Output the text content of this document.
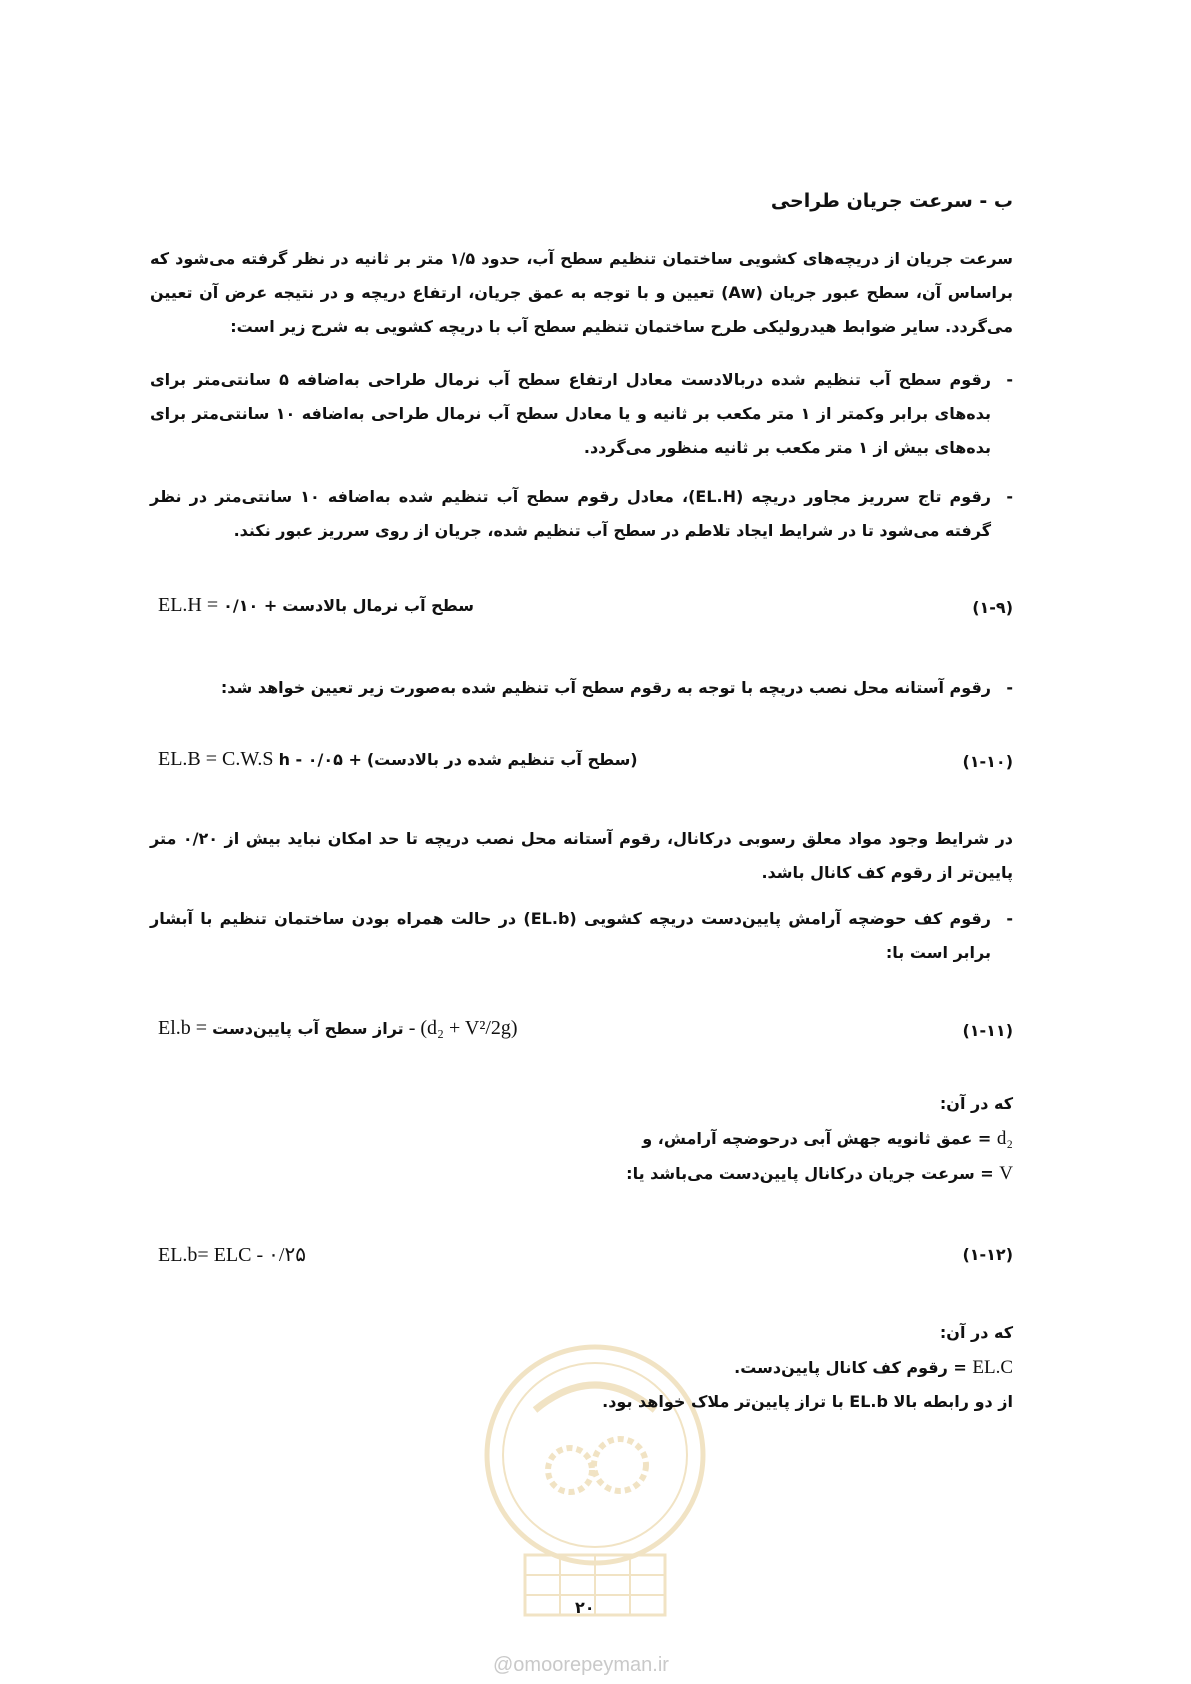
ب - سرعت جریان طراحی
سرعت جریان از دریچه‌های کشویی ساختمان تنظیم سطح آب، حدود ۱/۵ متر بر ثانیه در نظر گرفته می‌شود که براساس آن، سطح عبور جریان (Aw) تعیین و با توجه به عمق جریان، ارتفاع دریچه و در نتیجه عرض آن تعیین می‌گردد. سایر ضوابط هیدرولیکی طرح ساختمان تنظیم سطح آب با دریچه کشویی به شرح زیر است:
-
رقوم سطح آب تنظیم شده دربالادست معادل ارتفاع سطح آب نرمال طراحی به‌اضافه ۵ سانتی‌متر برای بده‌های برابر وکمتر از ۱ متر مکعب بر ثانیه و یا معادل سطح آب نرمال طراحی به‌اضافه ۱۰ سانتی‌متر برای بده‌های بیش از ۱ متر مکعب بر ثانیه منظور می‌گردد.
-
رقوم تاج سرریز مجاور دریچه (EL.H)، معادل رقوم سطح آب تنظیم شده به‌اضافه ۱۰ سانتی‌متر در نظر گرفته می‌شود تا در شرایط ایجاد تلاطم در سطح آب تنظیم شده، جریان از روی سرریز عبور نکند.
EL.H =	سطح آب نرمال بالادست + ۰/۱۰	(۱-۹)
-
رقوم آستانه محل نصب دریچه با توجه به رقوم سطح آب تنظیم شده به‌صورت زیر تعیین خواهد شد:
EL.B = C.W.S	(سطح آب تنظیم شده در بالادست) + ۰/۰۵ - h	(۱-۱۰)
در شرایط وجود مواد معلق رسوبی درکانال، رقوم آستانه محل نصب دریچه تا حد امکان نباید بیش از ۰/۲۰ متر پایین‌تر از رقوم کف کانال باشد.
-
رقوم کف حوضچه آرامش پایین‌دست دریچه کشویی (EL.b) در حالت همراه بودن ساختمان تنظیم با آبشار برابر است با:
El.b = تراز سطح آب پایین‌دست - (d₂ + V²/2g)	(۱-۱۱)
که در آن:
d₂ = عمق ثانویه جهش آبی درحوضچه آرامش، و
V = سرعت جریان درکانال پایین‌دست می‌باشد یا:
EL.b= ELC - ۰/۲۵	(۱-۱۲)
که در آن:
EL.C = رقوم کف کانال پایین‌دست.
از دو رابطه بالا EL.b با تراز پایین‌تر ملاک خواهد بود.
۲۰
@omoorepeyman.ir
